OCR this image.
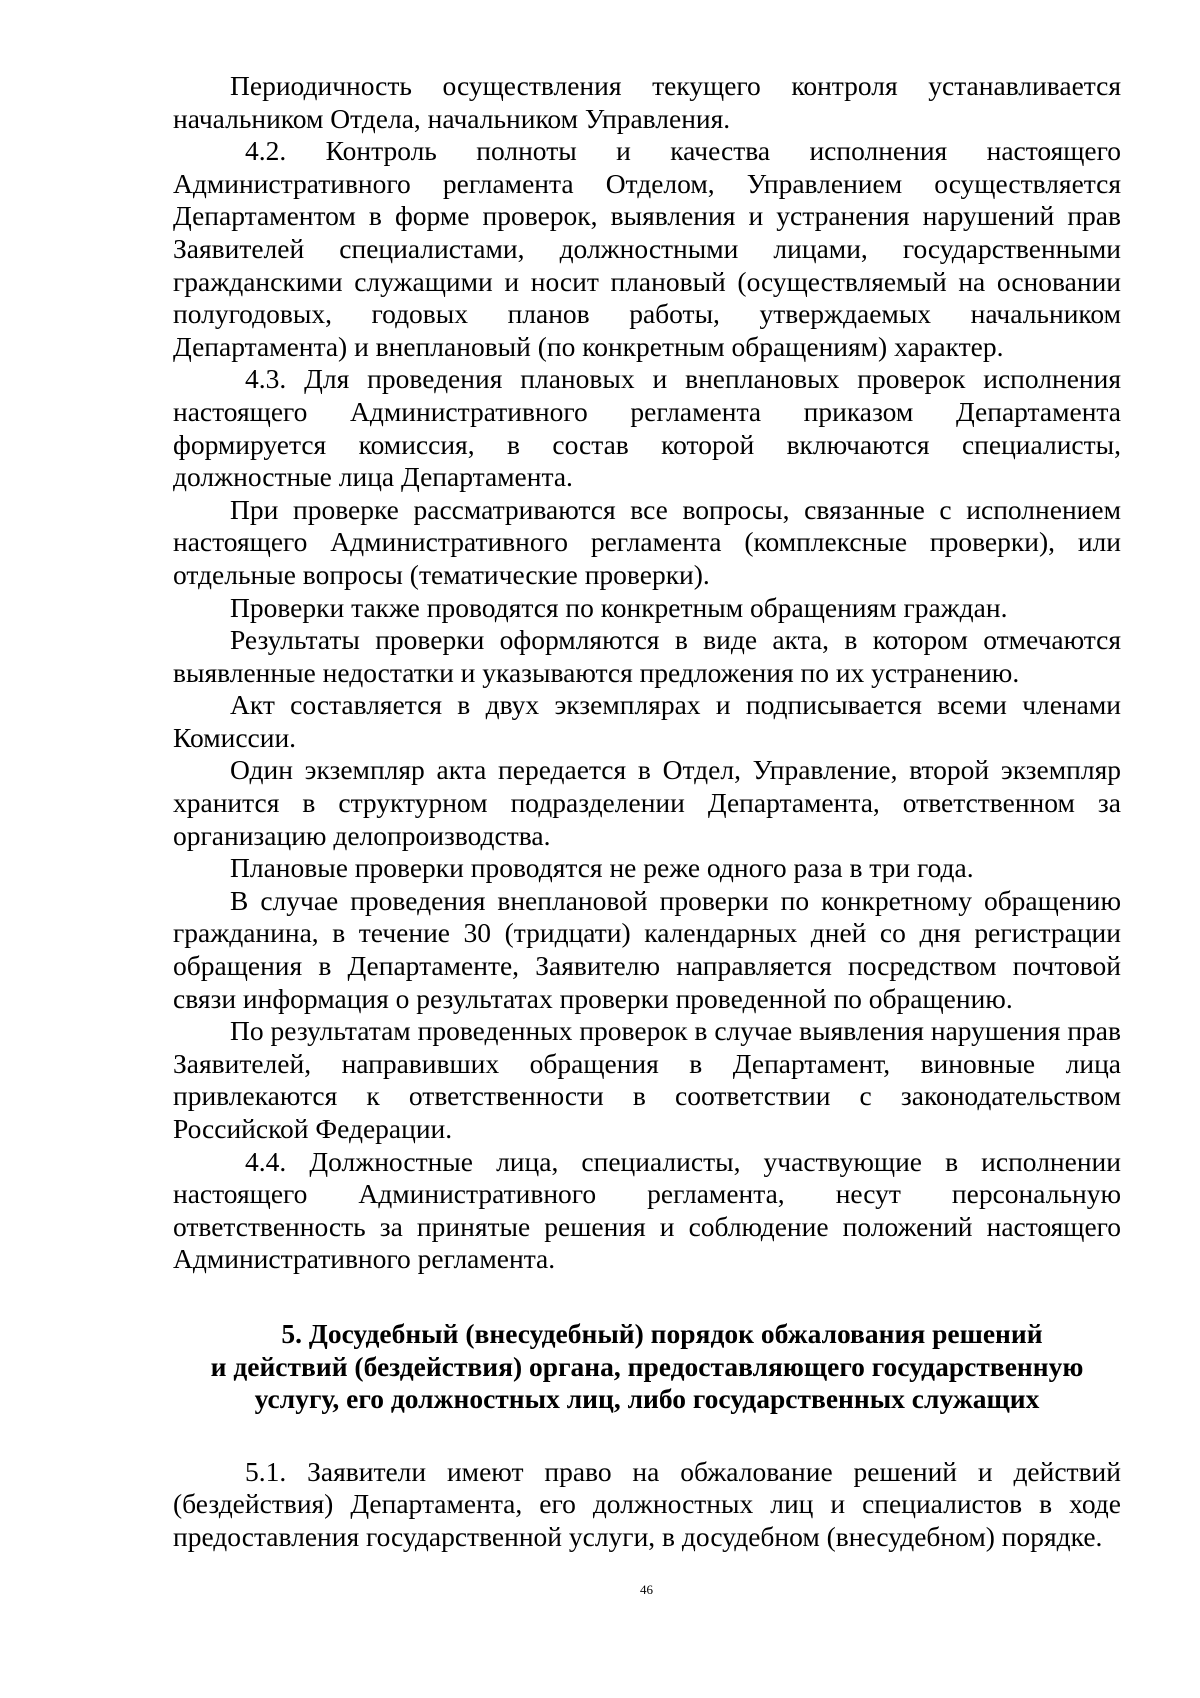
Периодичность осуществления текущего контроля устанавливается начальником Отдела, начальником Управления.

4.2. Контроль полноты и качества исполнения настоящего Административного регламента Отделом, Управлением осуществляется Департаментом в форме проверок, выявления и устранения нарушений прав Заявителей специалистами, должностными лицами, государственными гражданскими служащими и носит плановый (осуществляемый на основании полугодовых, годовых планов работы, утверждаемых начальником Департамента) и внеплановый (по конкретным обращениям) характер.

4.3. Для проведения плановых и внеплановых проверок исполнения настоящего Административного регламента приказом Департамента формируется комиссия, в состав которой включаются специалисты, должностные лица Департамента.

При проверке рассматриваются все вопросы, связанные с исполнением настоящего Административного регламента (комплексные проверки), или отдельные вопросы (тематические проверки).

Проверки также проводятся по конкретным обращениям граждан.

Результаты проверки оформляются в виде акта, в котором отмечаются выявленные недостатки и указываются предложения по их устранению.

Акт составляется в двух экземплярах и подписывается всеми членами Комиссии.

Один экземпляр акта передается в Отдел, Управление, второй экземпляр хранится в структурном подразделении Департамента, ответственном за организацию делопроизводства.

Плановые проверки проводятся не реже одного раза в три года.

В случае проведения внеплановой проверки по конкретному обращению гражданина, в течение 30 (тридцати) календарных дней со дня регистрации обращения в Департаменте, Заявителю направляется посредством почтовой связи информация о результатах проверки проведенной по обращению.

По результатам проведенных проверок в случае выявления нарушения прав Заявителей, направивших обращения в Департамент, виновные лица привлекаются к ответственности в соответствии с законодательством Российской Федерации.

4.4. Должностные лица, специалисты, участвующие в исполнении настоящего Административного регламента, несут персональную ответственность за принятые решения и соблюдение положений настоящего Административного регламента.

5. Досудебный (внесудебный) порядок обжалования решений
и действий (бездействия) органа, предоставляющего государственную
услугу, его должностных лиц, либо государственных служащих

5.1. Заявители имеют право на обжалование решений и действий (бездействия) Департамента, его должностных лиц и специалистов в ходе предоставления государственной услуги, в досудебном (внесудебном) порядке.

46
